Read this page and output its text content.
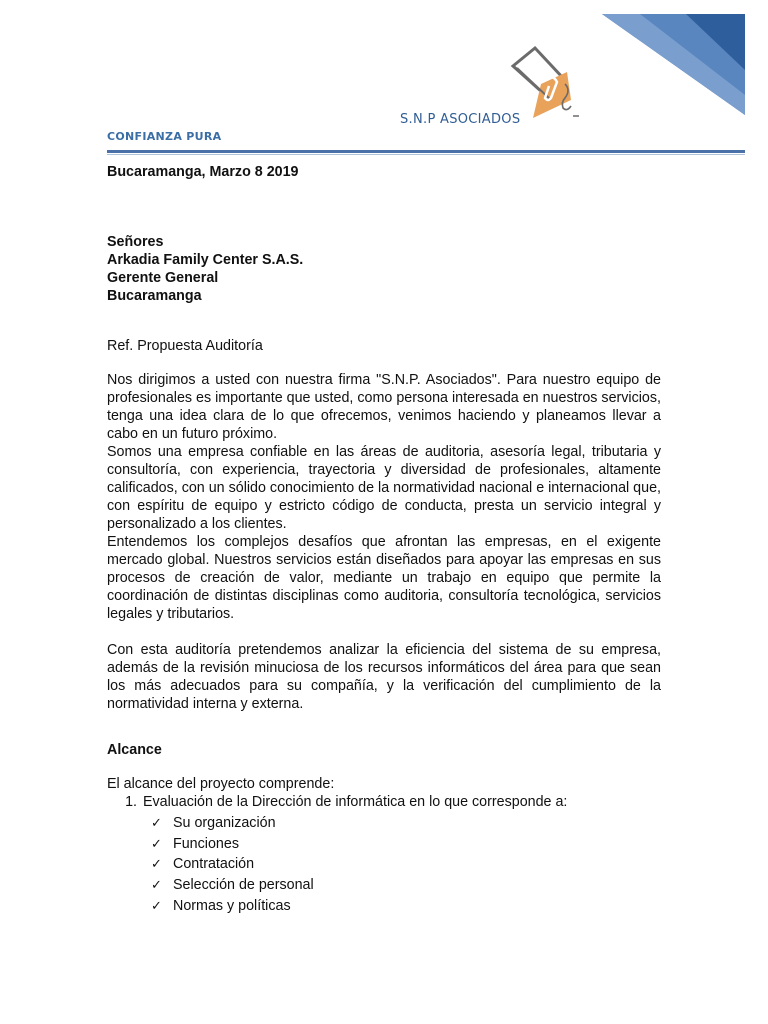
CONFIANZA PURA
S.N.P ASOCIADOS

Bucaramanga, Marzo 8 2019

Señores

Arkadia Family Center S.A.S.

Gerente General

Bucaramanga

Ref. Propuesta Auditoría

Nos dirigimos a usted con nuestra firma "S.N.P. Asociados". Para nuestro equipo de profesionales es importante que usted, como persona interesada en nuestros servicios, tenga una idea clara de lo que ofrecemos, venimos haciendo y planeamos llevar a cabo en un futuro próximo.

Somos una empresa confiable en las áreas de auditoria, asesoría legal, tributaria y consultoría, con experiencia, trayectoria y diversidad de profesionales, altamente calificados, con un sólido conocimiento de la normatividad nacional e internacional que, con espíritu de equipo y estricto código de conducta, presta un servicio integral y personalizado a los clientes.

Entendemos los complejos desafíos que afrontan las empresas, en el exigente mercado global. Nuestros servicios están diseñados para apoyar las empresas en sus procesos de creación de valor, mediante un trabajo en equipo que permite la coordinación de distintas disciplinas como auditoria, consultoría tecnológica, servicios legales y tributarios.

Con esta auditoría pretendemos analizar la eficiencia del sistema de su empresa, además de la revisión minuciosa de los recursos informáticos del área para que sean los más adecuados para su compañía, y la verificación del cumplimiento de la normatividad interna y externa.

Alcance

El alcance del proyecto comprende:

1. Evaluación de la Dirección de informática en lo que corresponde a:
✓ Su organización
✓ Funciones
✓ Contratación
✓ Selección de personal
✓ Normas y políticas
